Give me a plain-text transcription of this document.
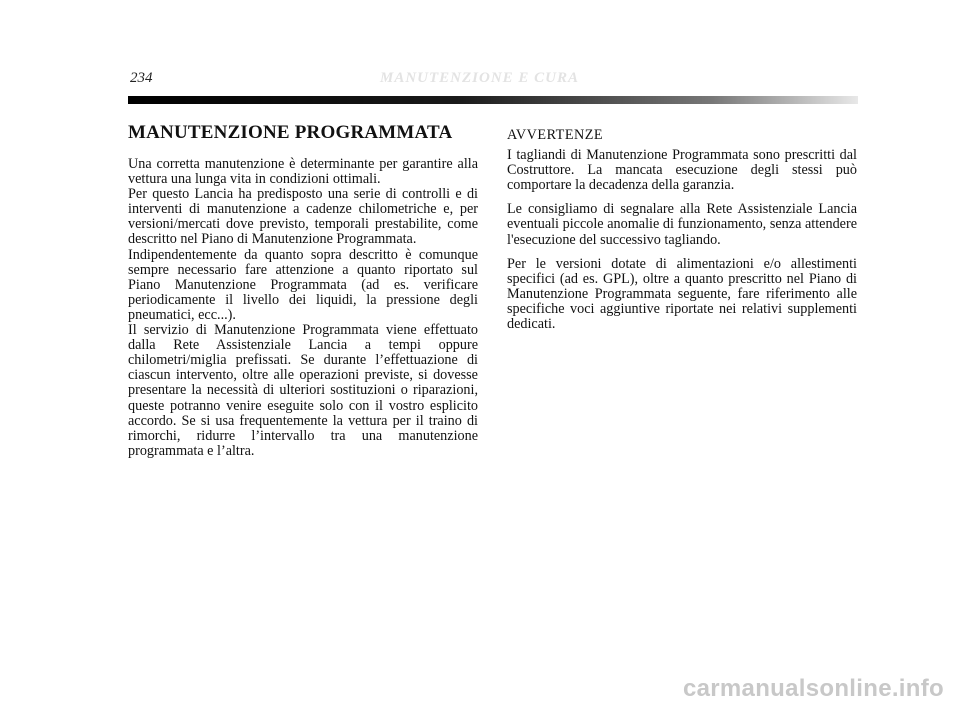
234	MANUTENZIONE E CURA
MANUTENZIONE PROGRAMMATA

Una corretta manutenzione è determinante per garantire alla vettura una lunga vita in condizioni ottimali.

Per questo Lancia ha predisposto una serie di controlli e di interventi di manutenzione a cadenze chilometriche e, per versioni/mercati dove previsto, temporali prestabilite, come descritto nel Piano di Manutenzione Programmata.

Indipendentemente da quanto sopra descritto è comunque sempre necessario fare attenzione a quanto riportato sul Piano Manutenzione Programmata (ad es. verificare periodicamente il livello dei liquidi, la pressione degli pneumatici, ecc...).

Il servizio di Manutenzione Programmata viene effettuato dalla Rete Assistenziale Lancia a tempi oppure chilometri/miglia prefissati. Se durante l’effettuazione di ciascun intervento, oltre alle operazioni previste, si dovesse presentare la necessità di ulteriori sostituzioni o riparazioni, queste potranno venire eseguite solo con il vostro esplicito accordo. Se si usa frequentemente la vettura per il traino di rimorchi, ridurre l’intervallo tra una manutenzione programmata e l’altra.

AVVERTENZE

I tagliandi di Manutenzione Programmata sono prescritti dal Costruttore. La mancata esecuzione degli stessi può comportare la decadenza della garanzia.

Le consigliamo di segnalare alla Rete Assistenziale Lancia eventuali piccole anomalie di funzionamento, senza attendere l'esecuzione del successivo tagliando.

Per le versioni dotate di alimentazioni e/o allestimenti specifici (ad es. GPL), oltre a quanto prescritto nel Piano di Manutenzione Programmata seguente, fare riferimento alle specifiche voci aggiuntive riportate nei relativi supplementi dedicati.

carmanualsonline.info
